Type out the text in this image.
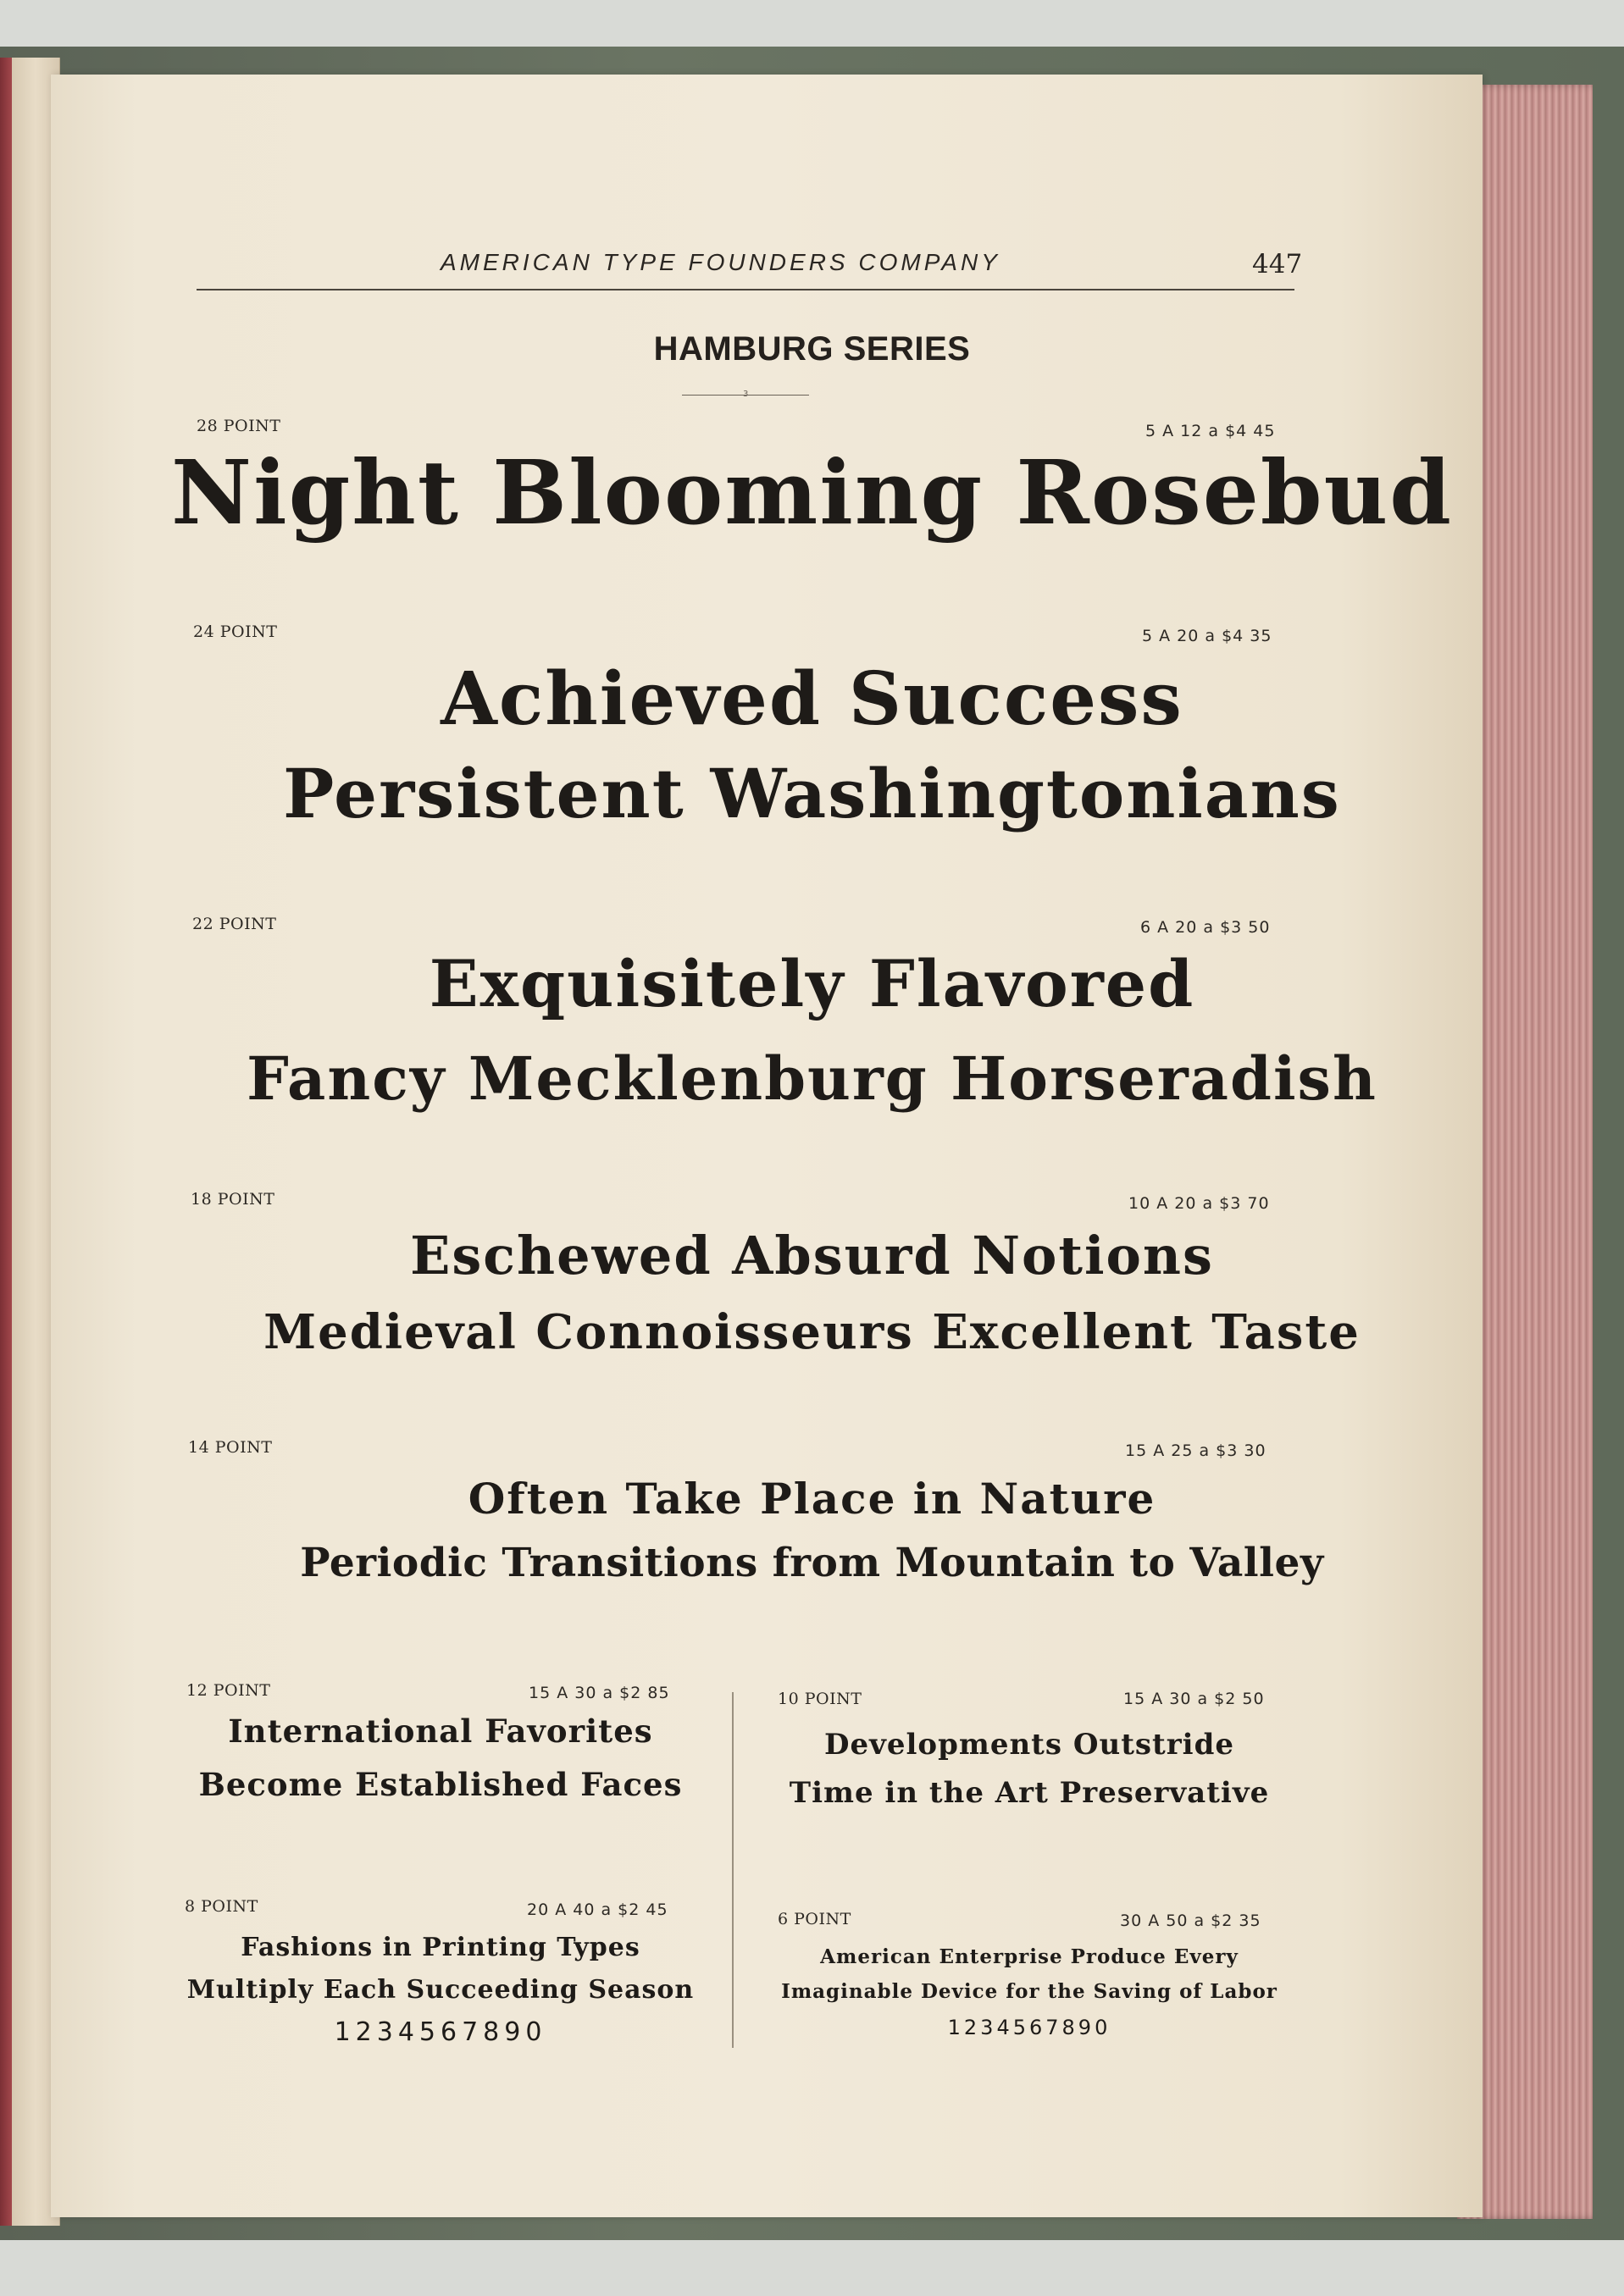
AMERICAN TYPE FOUNDERS COMPANY	447
HAMBURG SERIES
3
28 POINT	5 A 12 a $4 45
Night Blooming Rosebud
24 POINT	5 A 20 a $4 35
Achieved Success
Persistent Washingtonians
22 POINT	6 A 20 a $3 50
Exquisitely Flavored
Fancy Mecklenburg Horseradish
18 POINT	10 A 20 a $3 70
Eschewed Absurd Notions
Medieval Connoisseurs Excellent Taste
14 POINT	15 A 25 a $3 30
Often Take Place in Nature
Periodic Transitions from Mountain to Valley
12 POINT	15 A 30 a $2 85
International Favorites
Become Established Faces
8 POINT	20 A 40 a $2 45
Fashions in Printing Types
Multiply Each Succeeding Season
1234567890
10 POINT	15 A 30 a $2 50
Developments Outstride
Time in the Art Preservative
6 POINT	30 A 50 a $2 35
American Enterprise Produce Every
Imaginable Device for the Saving of Labor
1234567890
